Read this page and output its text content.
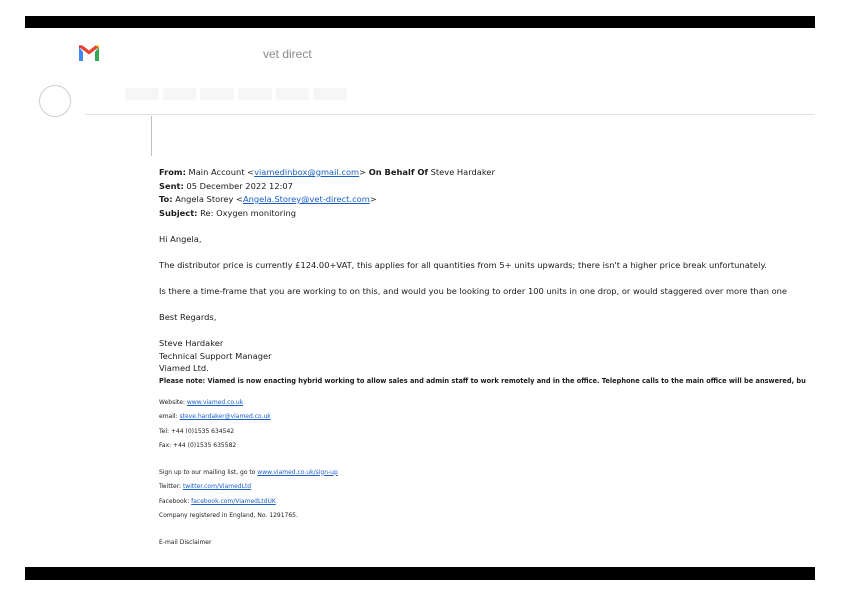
vet direct
From: Main Account <viamedinbox@gmail.com> On Behalf Of Steve Hardaker
Sent: 05 December 2022 12:07
To: Angela Storey <Angela.Storey@vet-direct.com>
Subject: Re: Oxygen monitoring
Hi Angela,
The distributor price is currently £124.00+VAT, this applies for all quantities from 5+ units upwards; there isn't a higher price break unfortunately.
Is there a time-frame that you are working to on this, and would you be looking to order 100 units in one drop, or would staggered over more than one
Best Regards,
Steve Hardaker
Technical Support Manager
Viamed Ltd.
Please note: Viamed is now enacting hybrid working to allow sales and admin staff to work remotely and in the office. Telephone calls to the main office will be answered, bu
Website: www.viamed.co.uk
email: steve.hardaker@viamed.co.uk
Tel: +44 (0)1535 634542
Fax: +44 (0)1535 635582
Sign up to our mailing list, go to www.viamed.co.uk/sign-up
Twitter: twitter.com/ViamedLtd
Facebook: facebook.com/ViamedLtdUK
Company registered in England, No. 1291765.
E-mail Disclaimer
